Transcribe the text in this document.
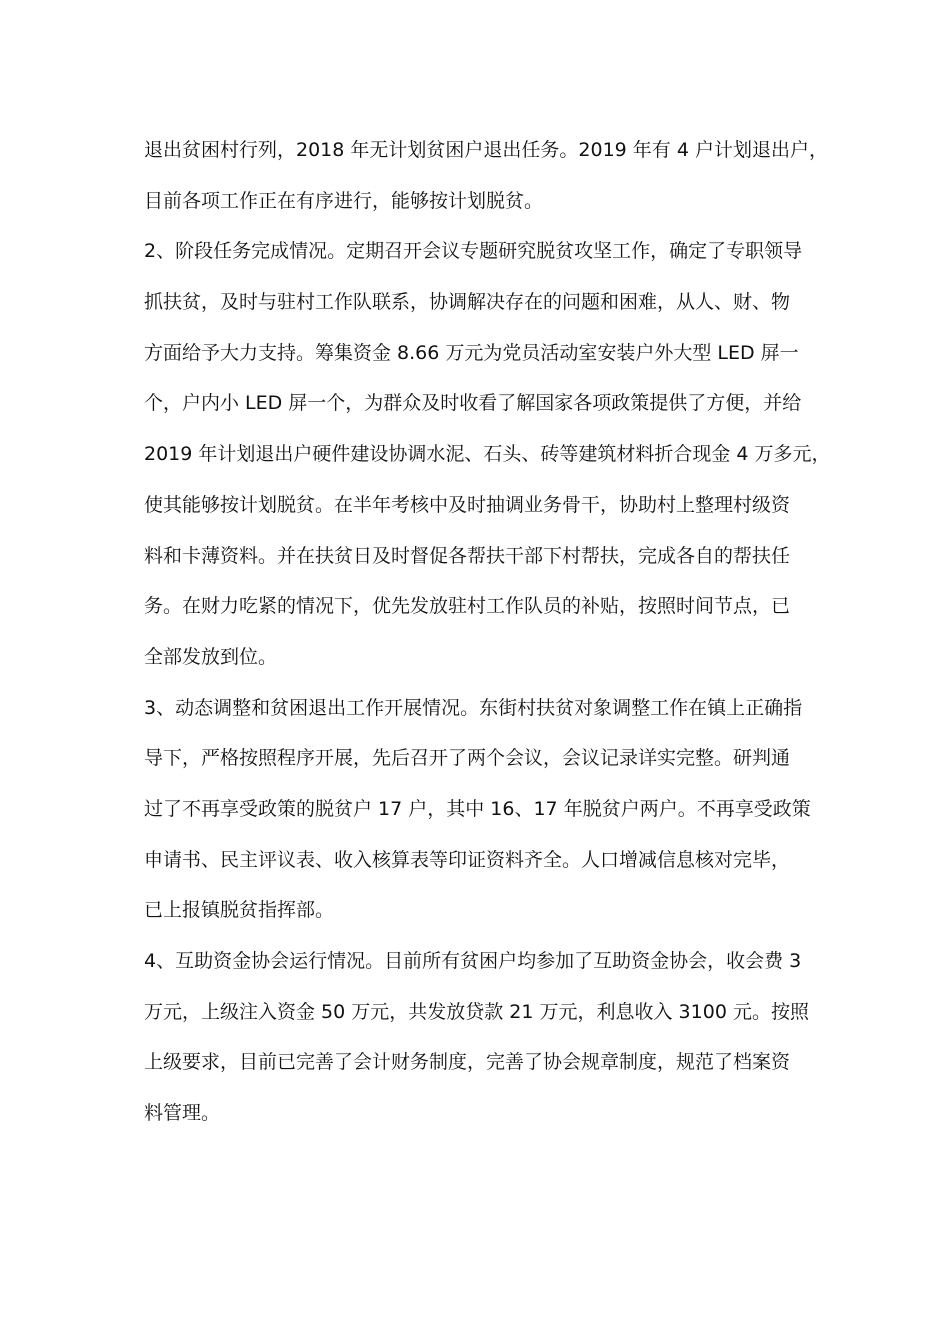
退出贫困村行列，2018 年无计划贫困户退出任务。2019 年有 4 户计划退出户，
目前各项工作正在有序进行，能够按计划脱贫。
2、阶段任务完成情况。定期召开会议专题研究脱贫攻坚工作，确定了专职领导
抓扶贫，及时与驻村工作队联系，协调解决存在的问题和困难，从人、财、物
方面给予大力支持。筹集资金 8.66 万元为党员活动室安装户外大型 LED 屏一
个，户内小 LED 屏一个，为群众及时收看了解国家各项政策提供了方便，并给
2019 年计划退出户硬件建设协调水泥、石头、砖等建筑材料折合现金 4 万多元，
使其能够按计划脱贫。在半年考核中及时抽调业务骨干，协助村上整理村级资
料和卡薄资料。并在扶贫日及时督促各帮扶干部下村帮扶，完成各自的帮扶任
务。在财力吃紧的情况下，优先发放驻村工作队员的补贴，按照时间节点，已
全部发放到位。
3、动态调整和贫困退出工作开展情况。东街村扶贫对象调整工作在镇上正确指
导下，严格按照程序开展，先后召开了两个会议，会议记录详实完整。研判通
过了不再享受政策的脱贫户 17 户，其中 16、17 年脱贫户两户。不再享受政策
申请书、民主评议表、收入核算表等印证资料齐全。人口增减信息核对完毕，
已上报镇脱贫指挥部。
4、互助资金协会运行情况。目前所有贫困户均参加了互助资金协会，收会费 3
万元，上级注入资金 50 万元，共发放贷款 21 万元，利息收入 3100 元。按照
上级要求，目前已完善了会计财务制度，完善了协会规章制度，规范了档案资
料管理。
